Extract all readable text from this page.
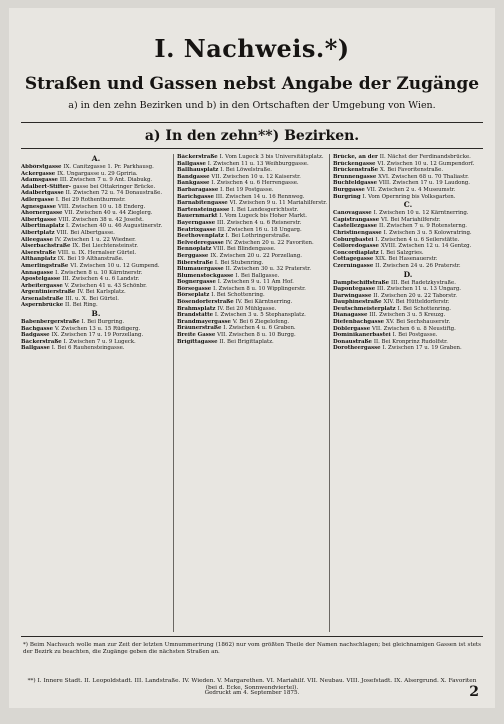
I. Nachweis.*)
Straßen und Gassen nebst Angabe der Zugänge
a) in den zehn Bezirken und b) in den Ortschaften der Umgebung von Wien.
a) In den zehn**) Bezirken.
A.
Abbörstgasse IX. Canitzgasse 1. Pr. Parkhausg.
Ackergasse IX. Ungargasse u. 29 Gpriria.
Adamsgasse III. Zwischen 7 u. 9 Ant. Diabukg.
Adalbert-Stifter- gasse bei Ottakringer Brücke.
Adalbertgasse II. Zwischen 72 u. 74 Donaustraße.
Adlergasse I. Bei 29 Rothenthurmstr.
Agnesgasse VIII. Zwischen 10 u. 18 Enderg.
Ahornergasse VII. Zwischen 40 u. 44 Zieglerg.
Albertgasse VIII. Zwischen 38 u. 42 Josefst.
Albertinaplatz I. Zwischen 40 u. 46 Augustinerstr.
Albertplatz VIII. Bei Albertgasse.
Alleegasse IV. Zwischen 1 u. 22 Wiedner.
Alserbachstraße IX. Bei Liechtensteinstr.
Alserstraße VIII. u. IX. Hernalser Gürtel.
Althanplatz IX. Bei 19 Althanstraße.
Amerlingstraße VI. Zwischen 10 u. 12 Gumpend.
Annagasse I. Zwischen 8 u. 10 Kärntnerstr.
Apostelgasse III. Zwischen 4 u. 6 Landstr.
Arbeitergasse V. Zwischen 41 u. 43 Schönbr.
Argentinierstraße IV. Bei Karlsplatz.
Arsenalstraße III. u. X. Bei Gürtel.
Aspernbrücke II. Bei Ring.
B.
Babenbergerstraße I. Bei Burgring.
Bachgasse V. Zwischen 13 u. 15 Rüdigerg.
Badgasse IX. Zwischen 17 u. 19 Porzellang.
Bäckerstraße I. Zwischen 7 u. 9 Lugeck.
Ballgasse I. Bei 6 Rauhensteingasse.
Bäckerstraße I. Vom Lugeck 3 bis Universitätsplatz.
Ballgasse I. Zwischen 11 u. 13 Weihburggasse.
Ballhausplatz I. Bei Löwelstraße.
Bandgasse VII. Zwischen 10 u. 12 Kaiserstr.
Bankgasse I. Zwischen 4 u. 6 Herrengasse.
Barbaragasse I. Bei 19 Postgasse.
Barichgasse III. Zwischen 14 u. 16 Rennweg.
Barnabitengasse VI. Zwischen 9 u. 11 Mariahilferstr.
Bartensteingasse I. Bei Landesgerichtsstr.
Bauernmarkt I. Vom Lugeck bis Hoher Markt.
Bayerngasse III. Zwischen 4 u. 6 Reisnerstr.
Beatrixgasse III. Zwischen 16 u. 18 Ungarg.
Beethovenplatz I. Bei Lothringerstraße.
Belvederegasse IV. Zwischen 20 u. 22 Favoriten.
Bennoplatz VIII. Bei Blindengasse.
Berggasse IX. Zwischen 20 u. 22 Porzellang.
Biberstraße I. Bei Stubenring.
Blumauergasse II. Zwischen 30 u. 32 Praterstr.
Blumenstockgasse I. Bei Ballgasse.
Bognergasse I. Zwischen 9 u. 11 Am Hof.
Börsegasse I. Zwischen 8 u. 10 Wipplingerstr.
Börseplatz I. Bei Schottenring.
Bösendorferstraße IV. Bei Kärntnerring.
Brahmsplatz IV. Bei 20 Mühlgasse.
Brandstätte I. Zwischen 3 u. 5 Stephansplatz.
Brandmayergasse V. Bei 6 Ziegelofeng.
Bräunerstraße I. Zwischen 4 u. 6 Graben.
Breite Gasse VII. Zwischen 8 u. 10 Burgg.
Brigittagasse II. Bei Brigittaplatz.
Brücke, an der II. Nächst der Ferdinandsbrücke.
Brückengasse VI. Zwischen 10 u. 12 Gumpendorf.
Brückenstraße X. Bei Favoritenstraße.
Brunnengasse XVI. Zwischen 68 u. 70 Thaliastr.
Buchfeldgasse VIII. Zwischen 17 u. 19 Laudong.
Burggasse VII. Zwischen 2 u. 4 Museumstr.
Burgring I. Vom Opernring bis Volksgarten.
C.
Canovagasse I. Zwischen 10 u. 12 Kärntnerring.
Capistrangasse VI. Bei Mariahilferstr.
Castellezgasse II. Zwischen 7 u. 9 Rotensterng.
Christinengasse I. Zwischen 3 u. 5 Kolowratring.
Coburgbastei I. Zwischen 4 u. 6 Seilerstätte.
Colloredogasse XVIII. Zwischen 12 u. 14 Gentzg.
Concordiaplatz I. Bei Salzgries.
Cottagegasse XIX. Bei Hasenauerstr.
Czerningasse II. Zwischen 24 u. 26 Praterstr.
D.
Dampfschiffstraße III. Bei Radetzkystraße.
Dapontegasse III. Zwischen 11 u. 13 Ungarg.
Darwingasse II. Zwischen 20 u. 22 Taborstr.
Dauphinestraße XIV. Bei Hütteldorferstr.
Deutschmeisterplatz I. Bei Schottenring.
Dianagasse III. Zwischen 3 u. 5 Kreuzg.
Diefenbachgasse XV. Bei Sechshauserstr.
Döblergasse VII. Zwischen 6 u. 8 Neustiftg.
Dominikanerbastei I. Bei Postgasse.
Donaustraße II. Bei Kronprinz Rudolfstr.
Dorotheergasse I. Zwischen 17 u. 19 Graben.
*) Beim Nachsuch wolle man zur Zeit der letzten Umnummerirung (1862) nur vom größten Theile der Namen nachschlagen; bei gleichnamigen Gassen ist stets der Bezirk zu beachten, die Zugänge geben die nächsten Straßen an.
**) I. Innere Stadt. II. Leopoldstadt. III. Landstraße. IV. Wieden. V. Margarethen. VI. Mariahilf. VII. Neubau. VIII. Josefstadt. IX. Alsergrund. X. Favoriten (bei d. Ecke, Sonnwendviertel).
Gedruckt am 4. September 1875.	2
